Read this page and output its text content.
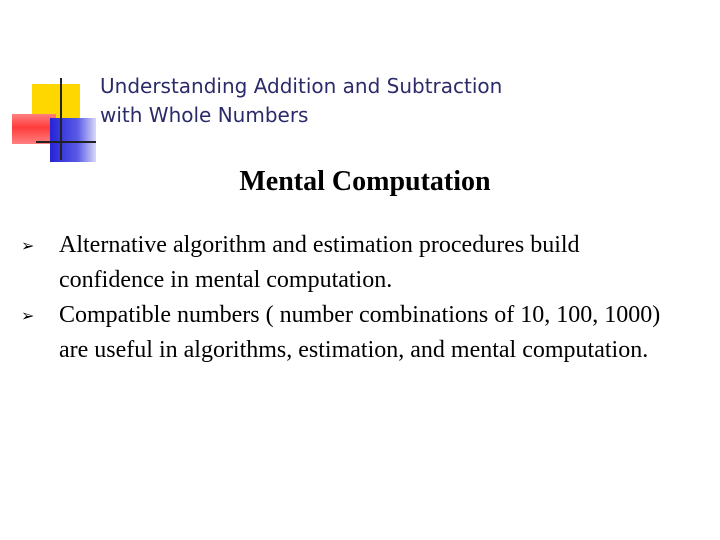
Understanding Addition and Subtraction
with Whole Numbers
Mental Computation
➢ Alternative algorithm and estimation procedures build confidence in mental computation.
➢ Compatible numbers ( number combinations of 10, 100, 1000) are useful in algorithms, estimation, and mental computation.
